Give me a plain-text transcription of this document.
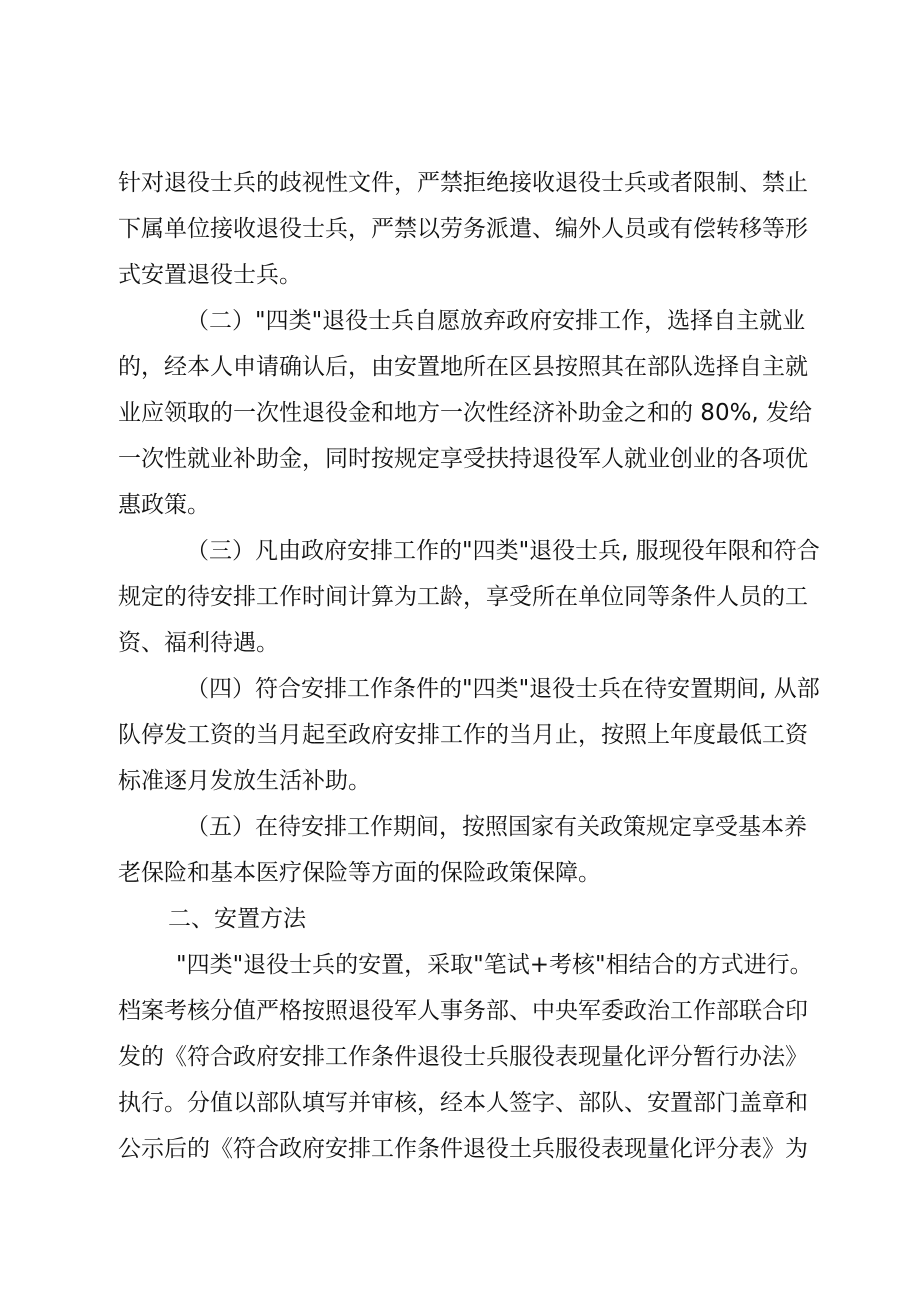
针对退役士兵的歧视性文件，严禁拒绝接收退役士兵或者限制、禁止
下属单位接收退役士兵，严禁以劳务派遣、编外人员或有偿转移等形
式安置退役士兵。
（二）"四类"退役士兵自愿放弃政府安排工作，选择自主就业
的，经本人申请确认后，由安置地所在区县按照其在部队选择自主就
业应领取的一次性退役金和地方一次性经济补助金之和的 80%, 发给
一次性就业补助金，同时按规定享受扶持退役军人就业创业的各项优
惠政策。
（三）凡由政府安排工作的"四类"退役士兵, 服现役年限和符合
规定的待安排工作时间计算为工龄，享受所在单位同等条件人员的工
资、福利待遇。
（四）符合安排工作条件的"四类"退役士兵在待安置期间, 从部
队停发工资的当月起至政府安排工作的当月止，按照上年度最低工资
标准逐月发放生活补助。
（五）在待安排工作期间，按照国家有关政策规定享受基本养
老保险和基本医疗保险等方面的保险政策保障。
二、安置方法
"四类"退役士兵的安置，采取"笔试+考核"相结合的方式进行。
档案考核分值严格按照退役军人事务部、中央军委政治工作部联合印
发的《符合政府安排工作条件退役士兵服役表现量化评分暂行办法》
执行。分值以部队填写并审核，经本人签字、部队、安置部门盖章和
公示后的《符合政府安排工作条件退役土兵服役表现量化评分表》为
